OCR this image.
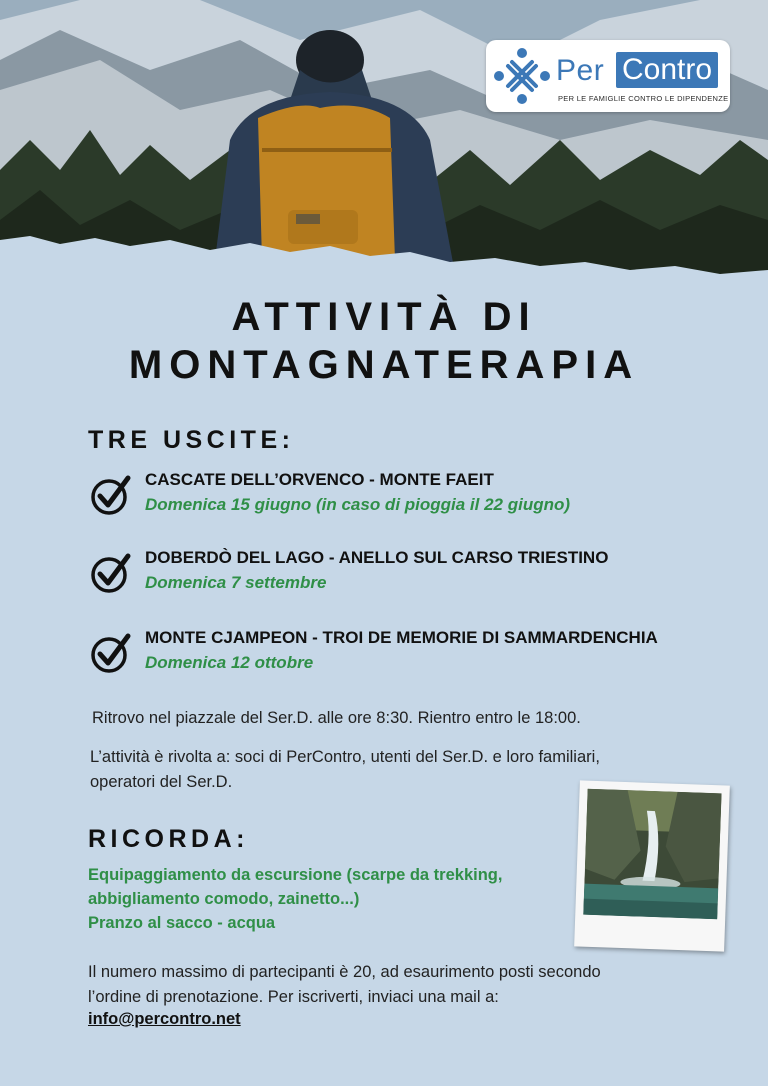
Per Contro
PER LE FAMIGLIE CONTRO LE DIPENDENZE
ATTIVITÀ DI
MONTAGNATERAPIA
TRE USCITE:
CASCATE DELL’ORVENCO - MONTE FAEIT
Domenica 15 giugno (in caso di pioggia il 22 giugno)
DOBERDÒ DEL LAGO - ANELLO SUL CARSO TRIESTINO
Domenica 7 settembre
MONTE CJAMPEON - TROI DE MEMORIE DI SAMMARDENCHIA
Domenica 12 ottobre
Ritrovo nel piazzale del Ser.D. alle ore 8:30. Rientro entro le 18:00.
L’attività è rivolta a: soci di PerContro, utenti del Ser.D. e loro familiari,
operatori del Ser.D.
RICORDA:
Equipaggiamento da escursione (scarpe da trekking,
abbigliamento comodo, zainetto...)
Pranzo al sacco - acqua
Il numero massimo di partecipanti è 20, ad esaurimento posti secondo
l’ordine di prenotazione. Per iscriverti, inviaci una mail a:
info@percontro.net
